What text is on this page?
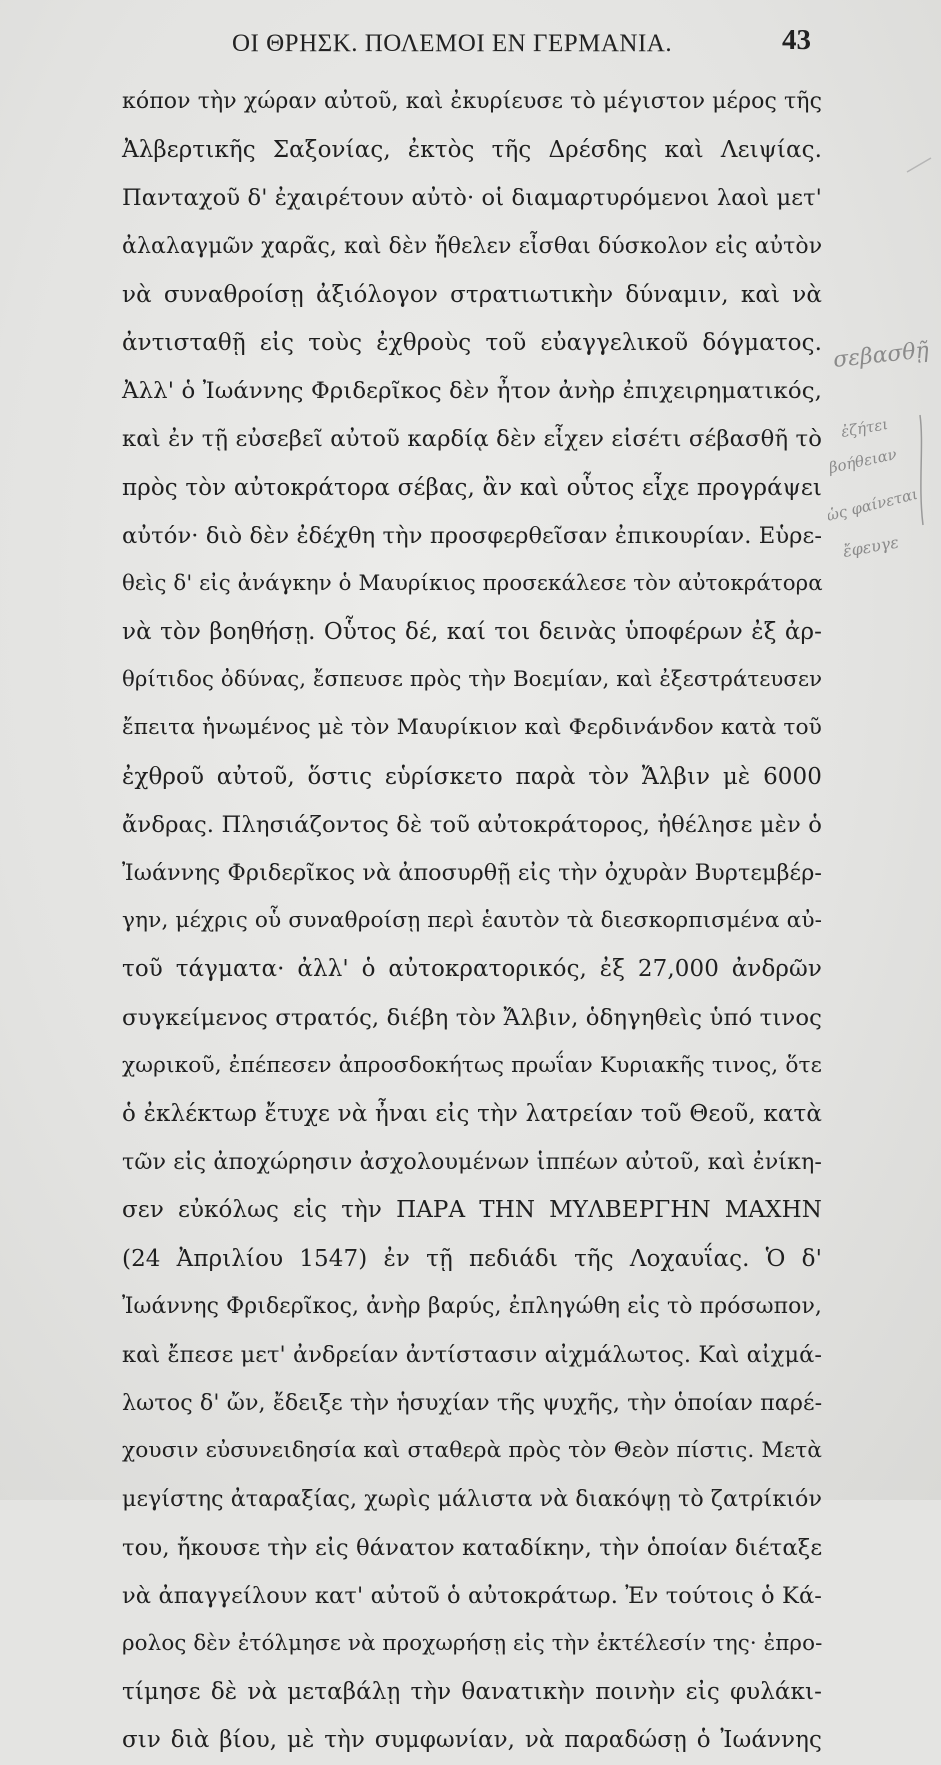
ΟΙ ΘΡΗΣΚ. ΠΟΛΕΜΟΙ ΕΝ ΓΕΡΜΑΝΙΑ.	43
κόπον τὴν χώραν αὐτοῦ, καὶ ἐκυρίευσε τὸ μέγιστον μέρος τῆς
Ἀλβερτικῆς Σαξονίας, ἐκτὸς τῆς Δρέσδης καὶ Λειψίας.
Πανταχοῦ δ' ἐχαιρέτουν αὐτὸ· οἱ διαμαρτυρόμενοι λαοὶ μετ'
ἀλαλαγμῶν χαρᾶς, καὶ δὲν ἤθελεν εἶσθαι δύσκολον εἰς αὐτὸν
νὰ συναθροίσῃ ἀξιόλογον στρατιωτικὴν δύναμιν, καὶ νὰ
ἀντισταθῇ εἰς τοὺς ἐχθροὺς τοῦ εὐαγγελικοῦ δόγματος.
Ἀλλ' ὁ Ἰωάννης Φριδερῖκος δὲν ἦτον ἀνὴρ ἐπιχειρηματικός,
καὶ ἐν τῇ εὐσεβεῖ αὐτοῦ καρδίᾳ δὲν εἶχεν εἰσέτι σέβασθῆ τὸ
πρὸς τὸν αὐτοκράτορα σέβας, ἂν καὶ οὗτος εἶχε προγράψει
αὐτόν· διὸ δὲν ἐδέχθη τὴν προσφερθεῖσαν ἐπικουρίαν. Εὑρε-
θεὶς δ' εἰς ἀνάγκην ὁ Μαυρίκιος προσεκάλεσε τὸν αὐτοκράτορα
νὰ τὸν βοηθήσῃ. Οὗτος δέ, καί τοι δεινὰς ὑποφέρων ἐξ ἀρ-
θρίτιδος ὀδύνας, ἔσπευσε πρὸς τὴν Βοεμίαν, καὶ ἐξεστράτευσεν
ἔπειτα ἡνωμένος μὲ τὸν Μαυρίκιον καὶ Φερδινάνδον κατὰ τοῦ
ἐχθροῦ αὐτοῦ, ὅστις εὑρίσκετο παρὰ τὸν Ἄλβιν μὲ 6000
ἄνδρας. Πλησιάζοντος δὲ τοῦ αὐτοκράτορος, ἠθέλησε μὲν ὁ
Ἰωάννης Φριδερῖκος νὰ ἀποσυρθῇ εἰς τὴν ὀχυρὰν Βυρτεμβέρ-
γην, μέχρις οὗ συναθροίσῃ περὶ ἑαυτὸν τὰ διεσκορπισμένα αὐ-
τοῦ τάγματα· ἀλλ' ὁ αὐτοκρατορικός, ἐξ 27,000 ἀνδρῶν
συγκείμενος στρατός, διέβη τὸν Ἄλβιν, ὁδηγηθεὶς ὑπό τινος
χωρικοῦ, ἐπέπεσεν ἀπροσδοκήτως πρωΐαν Κυριακῆς τινος, ὅτε
ὁ ἐκλέκτωρ ἔτυχε νὰ ἦναι εἰς τὴν λατρείαν τοῦ Θεοῦ, κατὰ
τῶν εἰς ἀποχώρησιν ἀσχολουμένων ἱππέων αὐτοῦ, καὶ ἐνίκη-
σεν εὐκόλως εἰς τὴν ΠΑΡΑ ΤΗΝ ΜΥΛΒΕΡΓΗΝ ΜΑΧΗΝ
(24 Ἀπριλίου 1547) ἐν τῇ πεδιάδι τῆς Λοχαυΐας. Ὁ δ'
Ἰωάννης Φριδερῖκος, ἀνὴρ βαρύς, ἐπληγώθη εἰς τὸ πρόσωπον,
καὶ ἔπεσε μετ' ἀνδρείαν ἀντίστασιν αἰχμάλωτος. Καὶ αἰχμά-
λωτος δ' ὤν, ἔδειξε τὴν ἡσυχίαν τῆς ψυχῆς, τὴν ὁποίαν παρέ-
χουσιν εὐσυνειδησία καὶ σταθερὰ πρὸς τὸν Θεὸν πίστις. Μετὰ
μεγίστης ἀταραξίας, χωρὶς μάλιστα νὰ διακόψῃ τὸ ζατρίκιόν
του, ἤκουσε τὴν εἰς θάνατον καταδίκην, τὴν ὁποίαν διέταξε
νὰ ἀπαγγείλουν κατ' αὐτοῦ ὁ αὐτοκράτωρ. Ἐν τούτοις ὁ Κά-
ρολος δὲν ἐτόλμησε νὰ προχωρήσῃ εἰς τὴν ἐκτέλεσίν της· ἐπρο-
τίμησε δὲ νὰ μεταβάλῃ τὴν θανατικὴν ποινὴν εἰς φυλάκι-
σιν διὰ βίου, μὲ τὴν συμφωνίαν, νὰ παραδώσῃ ὁ Ἰωάννης
σεβασθῇ
ἐζήτει
βοήθειαν
ὡς φαίνεται
ἔφευγε
